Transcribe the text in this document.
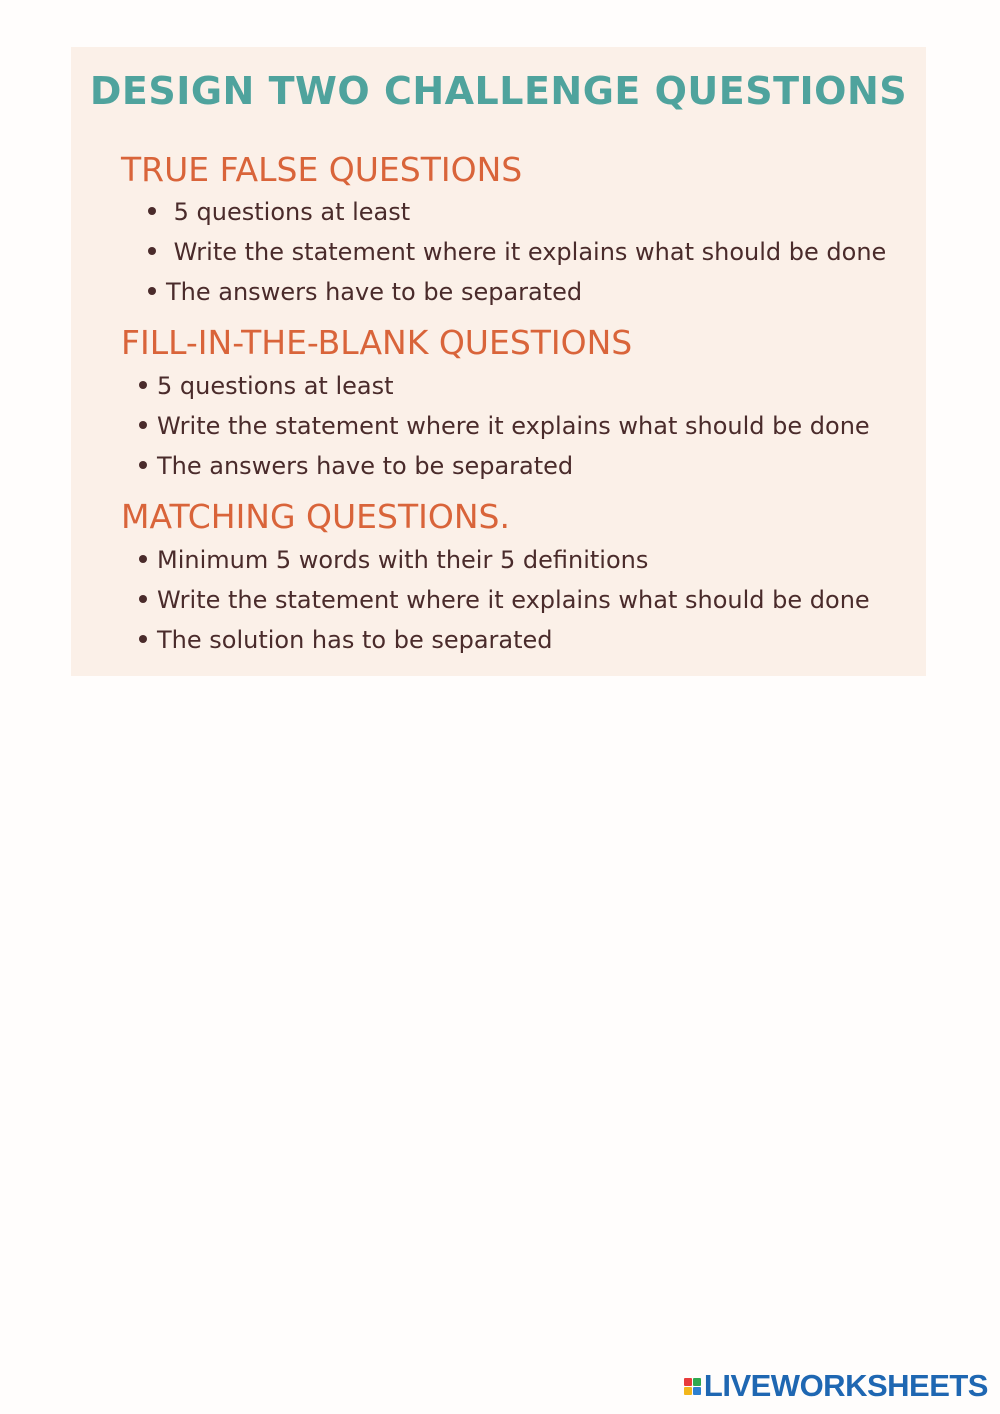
DESIGN TWO CHALLENGE QUESTIONS
TRUE FALSE QUESTIONS

5 questions at least

Write the statement where it explains what should be done

The answers have to be separated

FILL-IN-THE-BLANK QUESTIONS

5 questions at least

Write the statement where it explains what should be done

The answers have to be separated

MATCHING QUESTIONS.

Minimum 5 words with their 5 definitions

Write the statement where it explains what should be done

The solution has to be separated

LIVEWORKSHEETS
